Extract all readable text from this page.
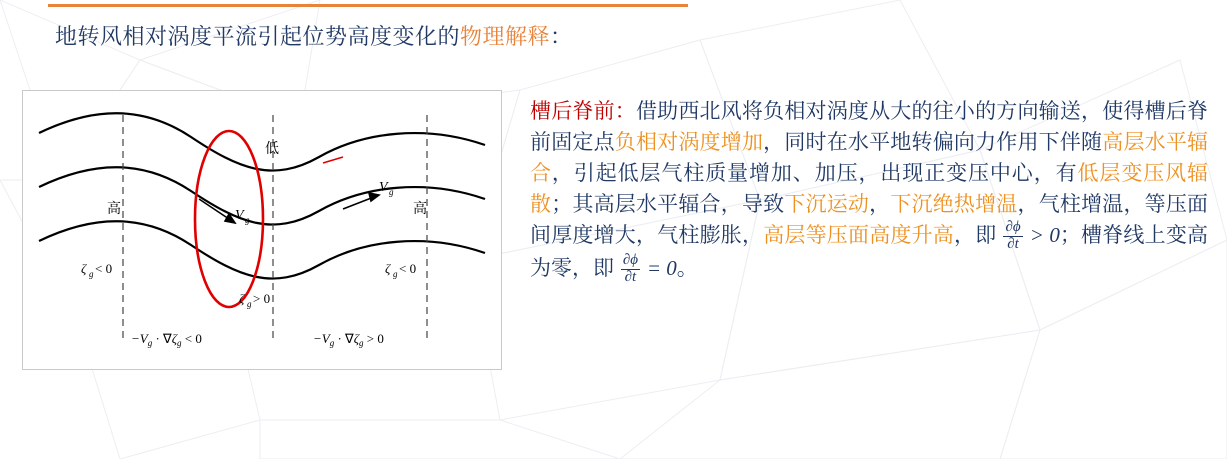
地转风相对涡度平流引起位势高度变化的物理解释：
低
高	高
V g
V g
ζ g < 0	ζ g < 0
ζ g > 0
$-V_g \cdot \nabla\zeta_g < 0$	$-V_g \cdot \nabla\zeta_g > 0$
槽后脊前：借助西北风将负相对涡度从大的往小的方向输送，使得槽后脊前固定点负相对涡度增加，同时在水平地转偏向力作用下伴随高层水平辐合，引起低层气柱质量增加、加压，出现正变压中心，有低层变压风辐散；其高层水平辐合，导致下沉运动，下沉绝热增温，气柱增温，等压面间厚度增大，气柱膨胀，高层等压面高度升高，即 $\frac{\partial\phi}{\partial t} > 0$；槽脊线上变高为零，即 $\frac{\partial\phi}{\partial t} = 0$。
